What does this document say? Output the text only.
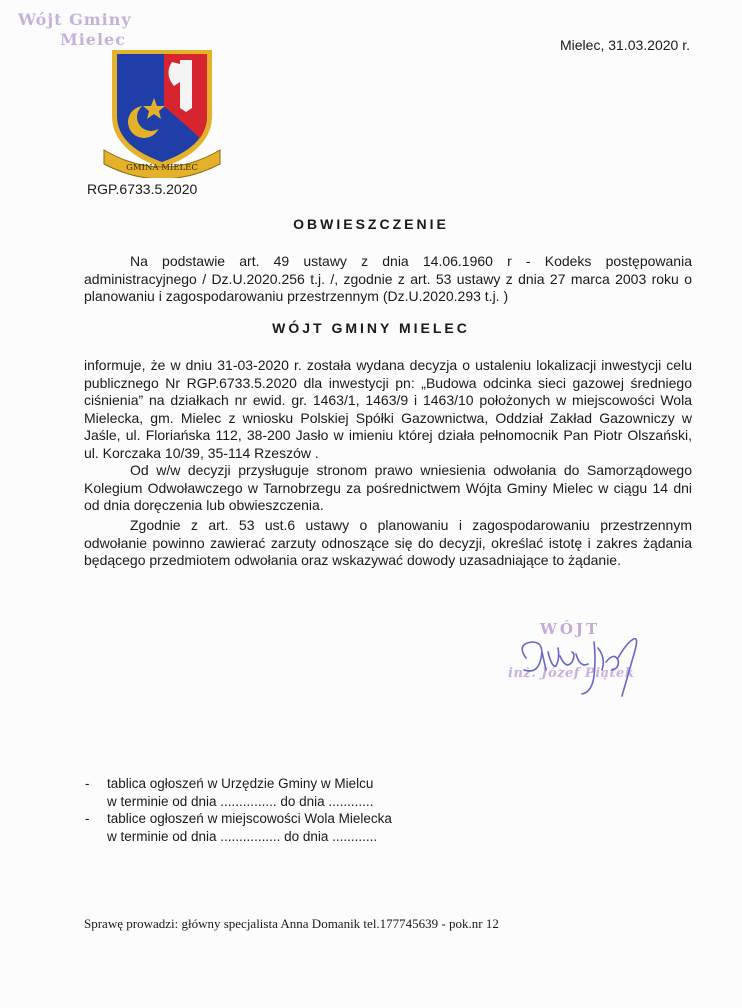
Wójt Gminy
Mielec
GMINA MIELEC
Mielec, 31.03.2020 r.
RGP.6733.5.2020
OBWIESZCZENIE
Na podstawie art. 49 ustawy z dnia 14.06.1960 r - Kodeks postępowania administracyjnego / Dz.U.2020.256 t.j. /, zgodnie z art. 53 ustawy z dnia 27 marca 2003 roku o planowaniu i zagospodarowaniu przestrzennym (Dz.U.2020.293 t.j. )
WÓJT GMINY MIELEC
informuje, że w dniu 31-03-2020 r. została wydana decyzja o ustaleniu lokalizacji inwestycji celu publicznego Nr RGP.6733.5.2020 dla inwestycji pn: „Budowa odcinka sieci gazowej średniego ciśnienia” na działkach nr ewid. gr. 1463/1, 1463/9 i 1463/10 położonych w miejscowości Wola Mielecka, gm. Mielec z wniosku Polskiej Spółki Gazownictwa, Oddział Zakład Gazowniczy w Jaśle, ul. Floriańska 112, 38-200 Jasło w imieniu której działa pełnomocnik Pan Piotr Olszański, ul. Korczaka 10/39, 35-114 Rzeszów .
Od w/w decyzji przysługuje stronom prawo wniesienia odwołania do Samorządowego Kolegium Odwoławczego w Tarnobrzegu za pośrednictwem Wójta Gminy Mielec w ciągu 14 dni od dnia doręczenia lub obwieszczenia.
Zgodnie z art. 53 ust.6 ustawy o planowaniu i zagospodarowaniu przestrzennym odwołanie powinno zawierać zarzuty odnoszące się do decyzji, określać istotę i zakres żądania będącego przedmiotem odwołania oraz wskazywać dowody uzasadniające to żądanie.
WÓJT
inż. Józef Piątek
- tablica ogłoszeń w Urzędzie Gminy w Mielcu
w terminie od dnia ............... do dnia ............
- tablice ogłoszeń w miejscowości Wola Mielecka
w terminie od dnia ................ do dnia ............
Sprawę prowadzi: główny specjalista Anna Domanik tel.177745639 - pok.nr 12
